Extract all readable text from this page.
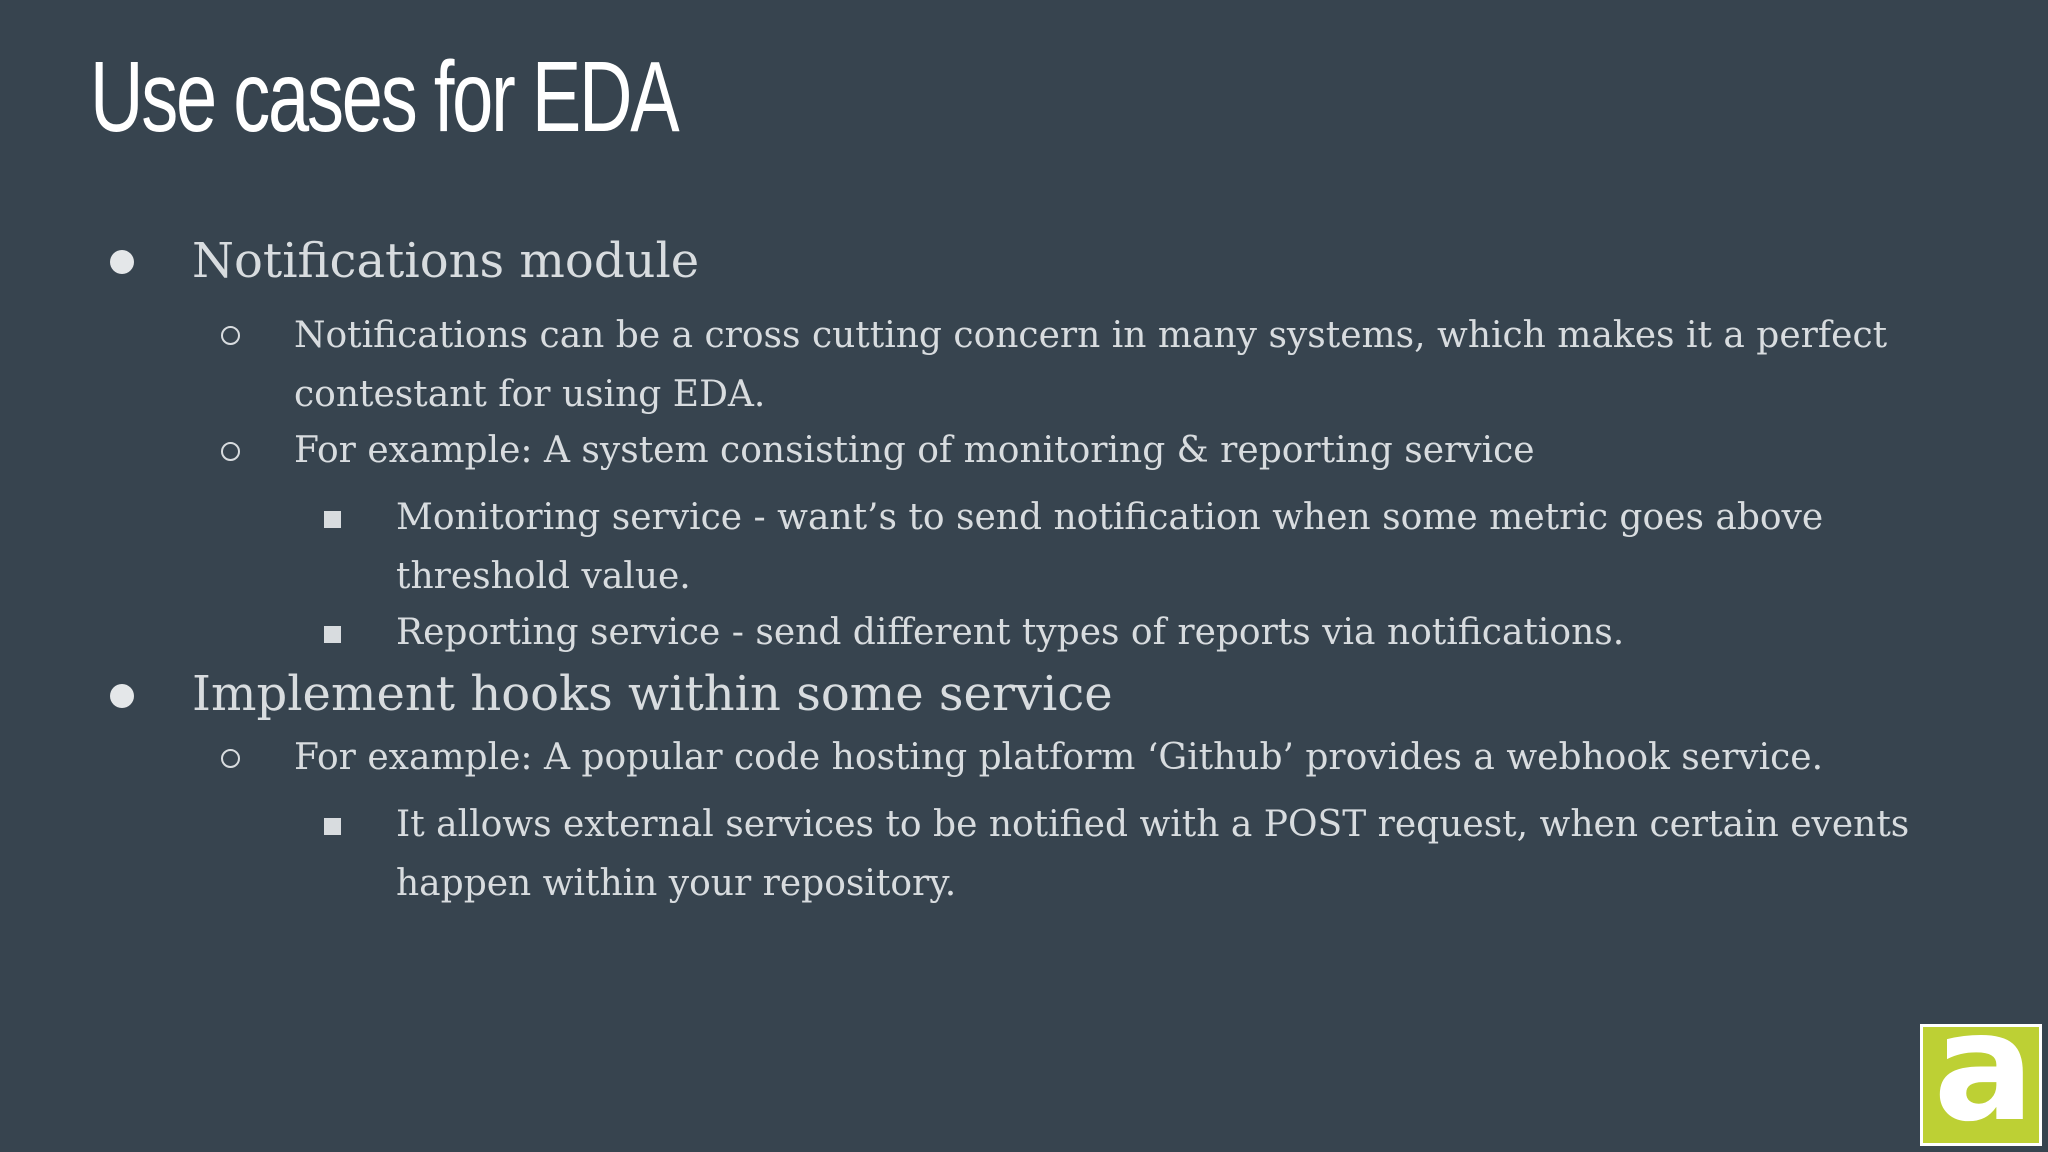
Use cases for EDA
Notifications module
Notifications can be a cross cutting concern in many systems, which makes it a perfect contestant for using EDA.
For example: A system consisting of monitoring & reporting service
Monitoring service - want’s to send notification when some metric goes above threshold value.
Reporting service - send different types of reports via notifications.
Implement hooks within some service
For example: A popular code hosting platform ‘Github’ provides a webhook service.
It allows external services to be notified with a POST request, when certain events happen within your repository.
a
